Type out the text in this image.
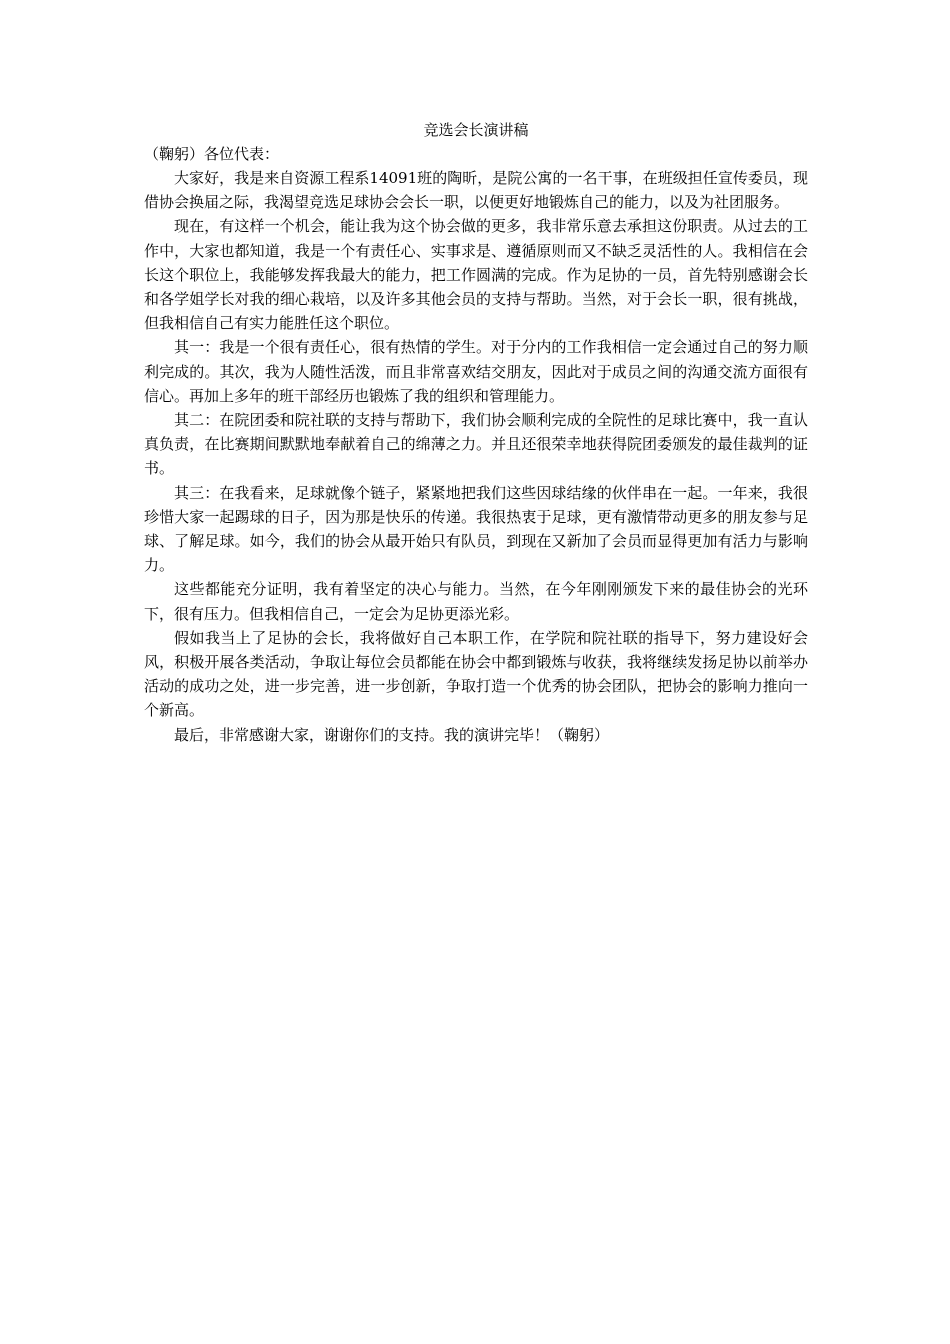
竞选会长演讲稿

（鞠躬）各位代表：

大家好，我是来自资源工程系14091班的陶昕，是院公寓的一名干事，在班级担任宣传委员，现借协会换届之际，我渴望竞选足球协会会长一职，以便更好地锻炼自己的能力，以及为社团服务。

现在，有这样一个机会，能让我为这个协会做的更多，我非常乐意去承担这份职责。从过去的工作中，大家也都知道，我是一个有责任心、实事求是、遵循原则而又不缺乏灵活性的人。我相信在会长这个职位上，我能够发挥我最大的能力，把工作圆满的完成。作为足协的一员，首先特别感谢会长和各学姐学长对我的细心栽培，以及许多其他会员的支持与帮助。当然，对于会长一职，很有挑战，但我相信自己有实力能胜任这个职位。

其一：我是一个很有责任心，很有热情的学生。对于分内的工作我相信一定会通过自己的努力顺利完成的。其次，我为人随性活泼，而且非常喜欢结交朋友，因此对于成员之间的沟通交流方面很有信心。再加上多年的班干部经历也锻炼了我的组织和管理能力。

其二：在院团委和院社联的支持与帮助下，我们协会顺利完成的全院性的足球比赛中，我一直认真负责，在比赛期间默默地奉献着自己的绵薄之力。并且还很荣幸地获得院团委颁发的最佳裁判的证书。

其三：在我看来，足球就像个链子，紧紧地把我们这些因球结缘的伙伴串在一起。一年来，我很珍惜大家一起踢球的日子，因为那是快乐的传递。我很热衷于足球，更有激情带动更多的朋友参与足球、了解足球。如今，我们的协会从最开始只有队员，到现在又新加了会员而显得更加有活力与影响力。

这些都能充分证明，我有着坚定的决心与能力。当然，在今年刚刚颁发下来的最佳协会的光环下，很有压力。但我相信自己，一定会为足协更添光彩。

假如我当上了足协的会长，我将做好自己本职工作，在学院和院社联的指导下，努力建设好会风，积极开展各类活动，争取让每位会员都能在协会中都到锻炼与收获，我将继续发扬足协以前举办活动的成功之处，进一步完善，进一步创新，争取打造一个优秀的协会团队，把协会的影响力推向一个新高。

最后，非常感谢大家，谢谢你们的支持。我的演讲完毕！（鞠躬）
